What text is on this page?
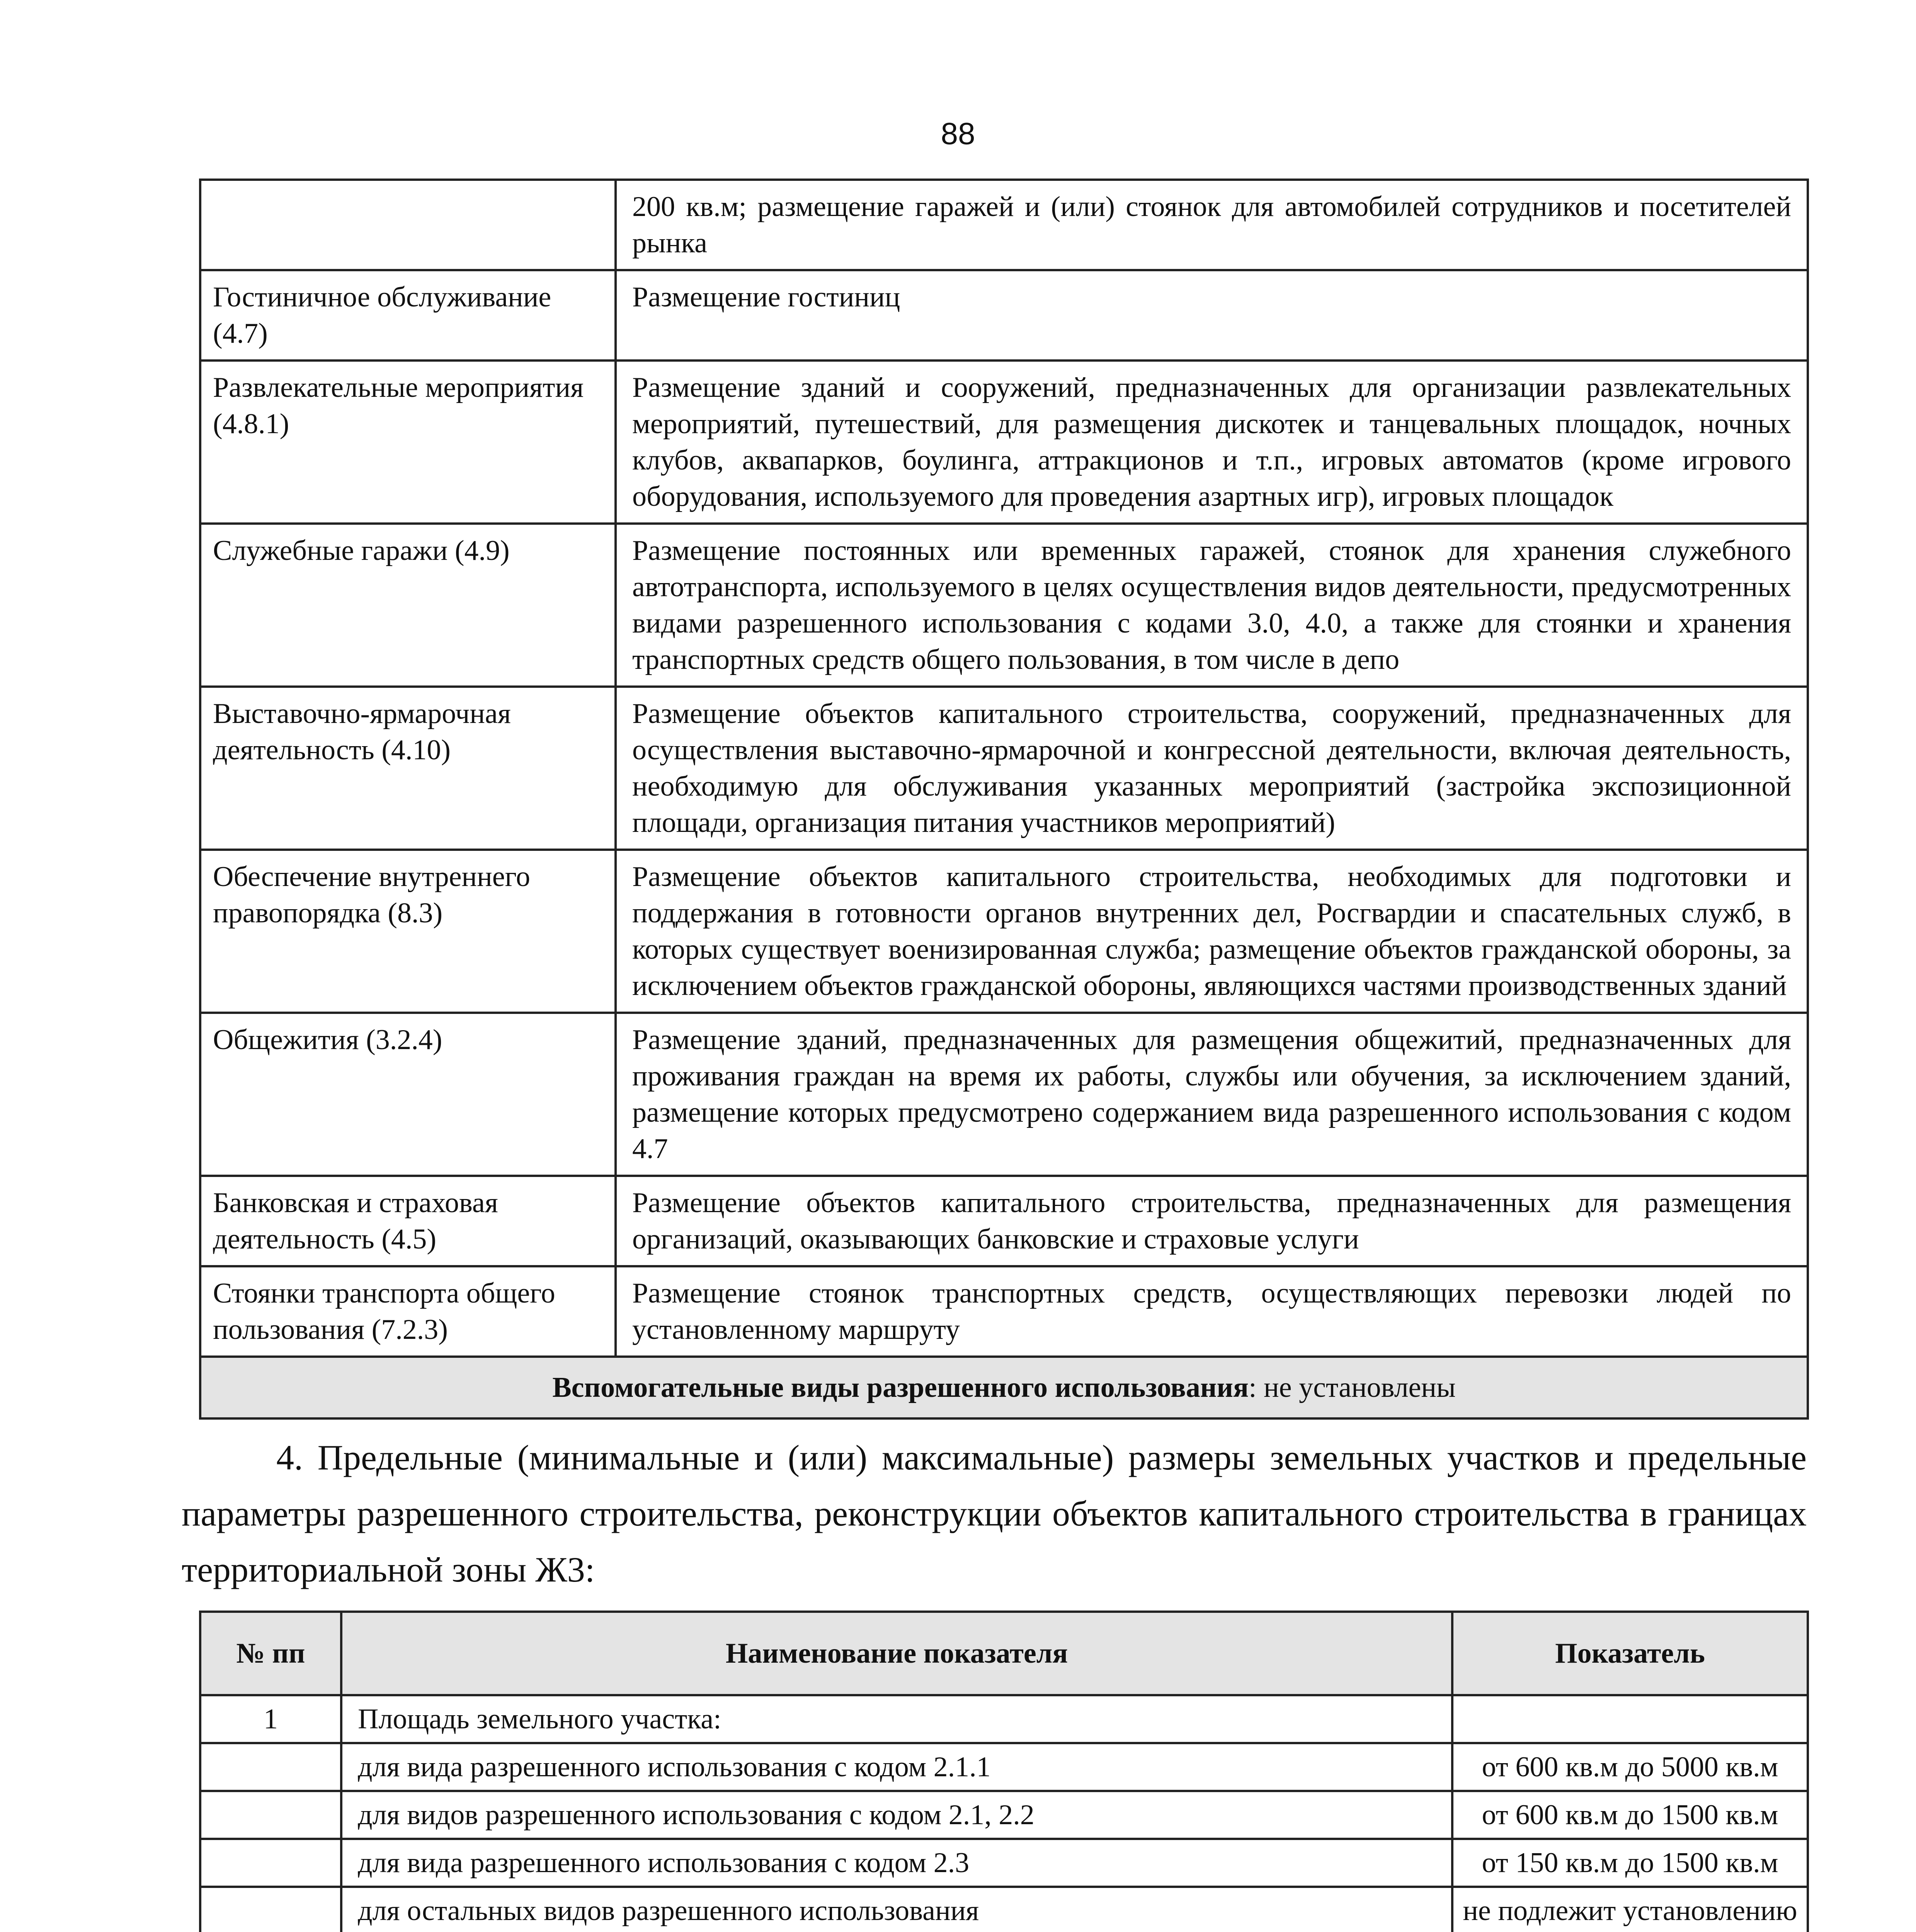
88
	200 кв.м; размещение гаражей и (или) стоянок для автомобилей сотрудников и посетителей рынка
Гостиничное обслуживание (4.7)	Размещение гостиниц
Развлекательные мероприятия (4.8.1)	Размещение зданий и сооружений, предназначенных для организации развлекательных мероприятий, путешествий, для размещения дискотек и танцевальных площадок, ночных клубов, аквапарков, боулинга, аттракционов и т.п., игровых автоматов (кроме игрового оборудования, используемого для проведения азартных игр), игровых площадок
Служебные гаражи (4.9)	Размещение постоянных или временных гаражей, стоянок для хранения служебного автотранспорта, используемого в целях осуществления видов деятельности, предусмотренных видами разрешенного использования с кодами 3.0, 4.0, а также для стоянки и хранения транспортных средств общего пользования, в том числе в депо
Выставочно-ярмарочная деятельность (4.10)	Размещение объектов капитального строительства, сооружений, предназначенных для осуществления выставочно-ярмарочной и конгрессной деятельности, включая деятельность, необходимую для обслуживания указанных мероприятий (застройка экспозиционной площади, организация питания участников мероприятий)
Обеспечение внутреннего правопорядка (8.3)	Размещение объектов капитального строительства, необходимых для подготовки и поддержания в готовности органов внутренних дел, Росгвардии и спасательных служб, в которых существует военизированная служба; размещение объектов гражданской обороны, за исключением объектов гражданской обороны, являющихся частями производственных зданий
Общежития (3.2.4)	Размещение зданий, предназначенных для размещения общежитий, предназначенных для проживания граждан на время их работы, службы или обучения, за исключением зданий, размещение которых предусмотрено содержанием вида разрешенного использования с кодом 4.7
Банковская и страховая деятельность (4.5)	Размещение объектов капитального строительства, предназначенных для размещения организаций, оказывающих банковские и страховые услуги
Стоянки транспорта общего пользования (7.2.3)	Размещение стоянок транспортных средств, осуществляющих перевозки людей по установленному маршруту
Вспомогательные виды разрешенного использования: не установлены	

4. Предельные (минимальные и (или) максимальные) размеры земельных участков и предельные параметры разрешенного строительства, реконструкции объектов капитального строительства в границах территориальной зоны Ж3:

№ пп	Наименование показателя	Показатель
1	Площадь земельного участка:	
	для вида разрешенного использования с кодом 2.1.1	от 600 кв.м до 5000 кв.м
	для видов разрешенного использования с кодом 2.1, 2.2	от 600 кв.м до 1500 кв.м
	для вида разрешенного использования с кодом 2.3	от 150 кв.м до 1500 кв.м
	для остальных видов разрешенного использования	не подлежит установлению
